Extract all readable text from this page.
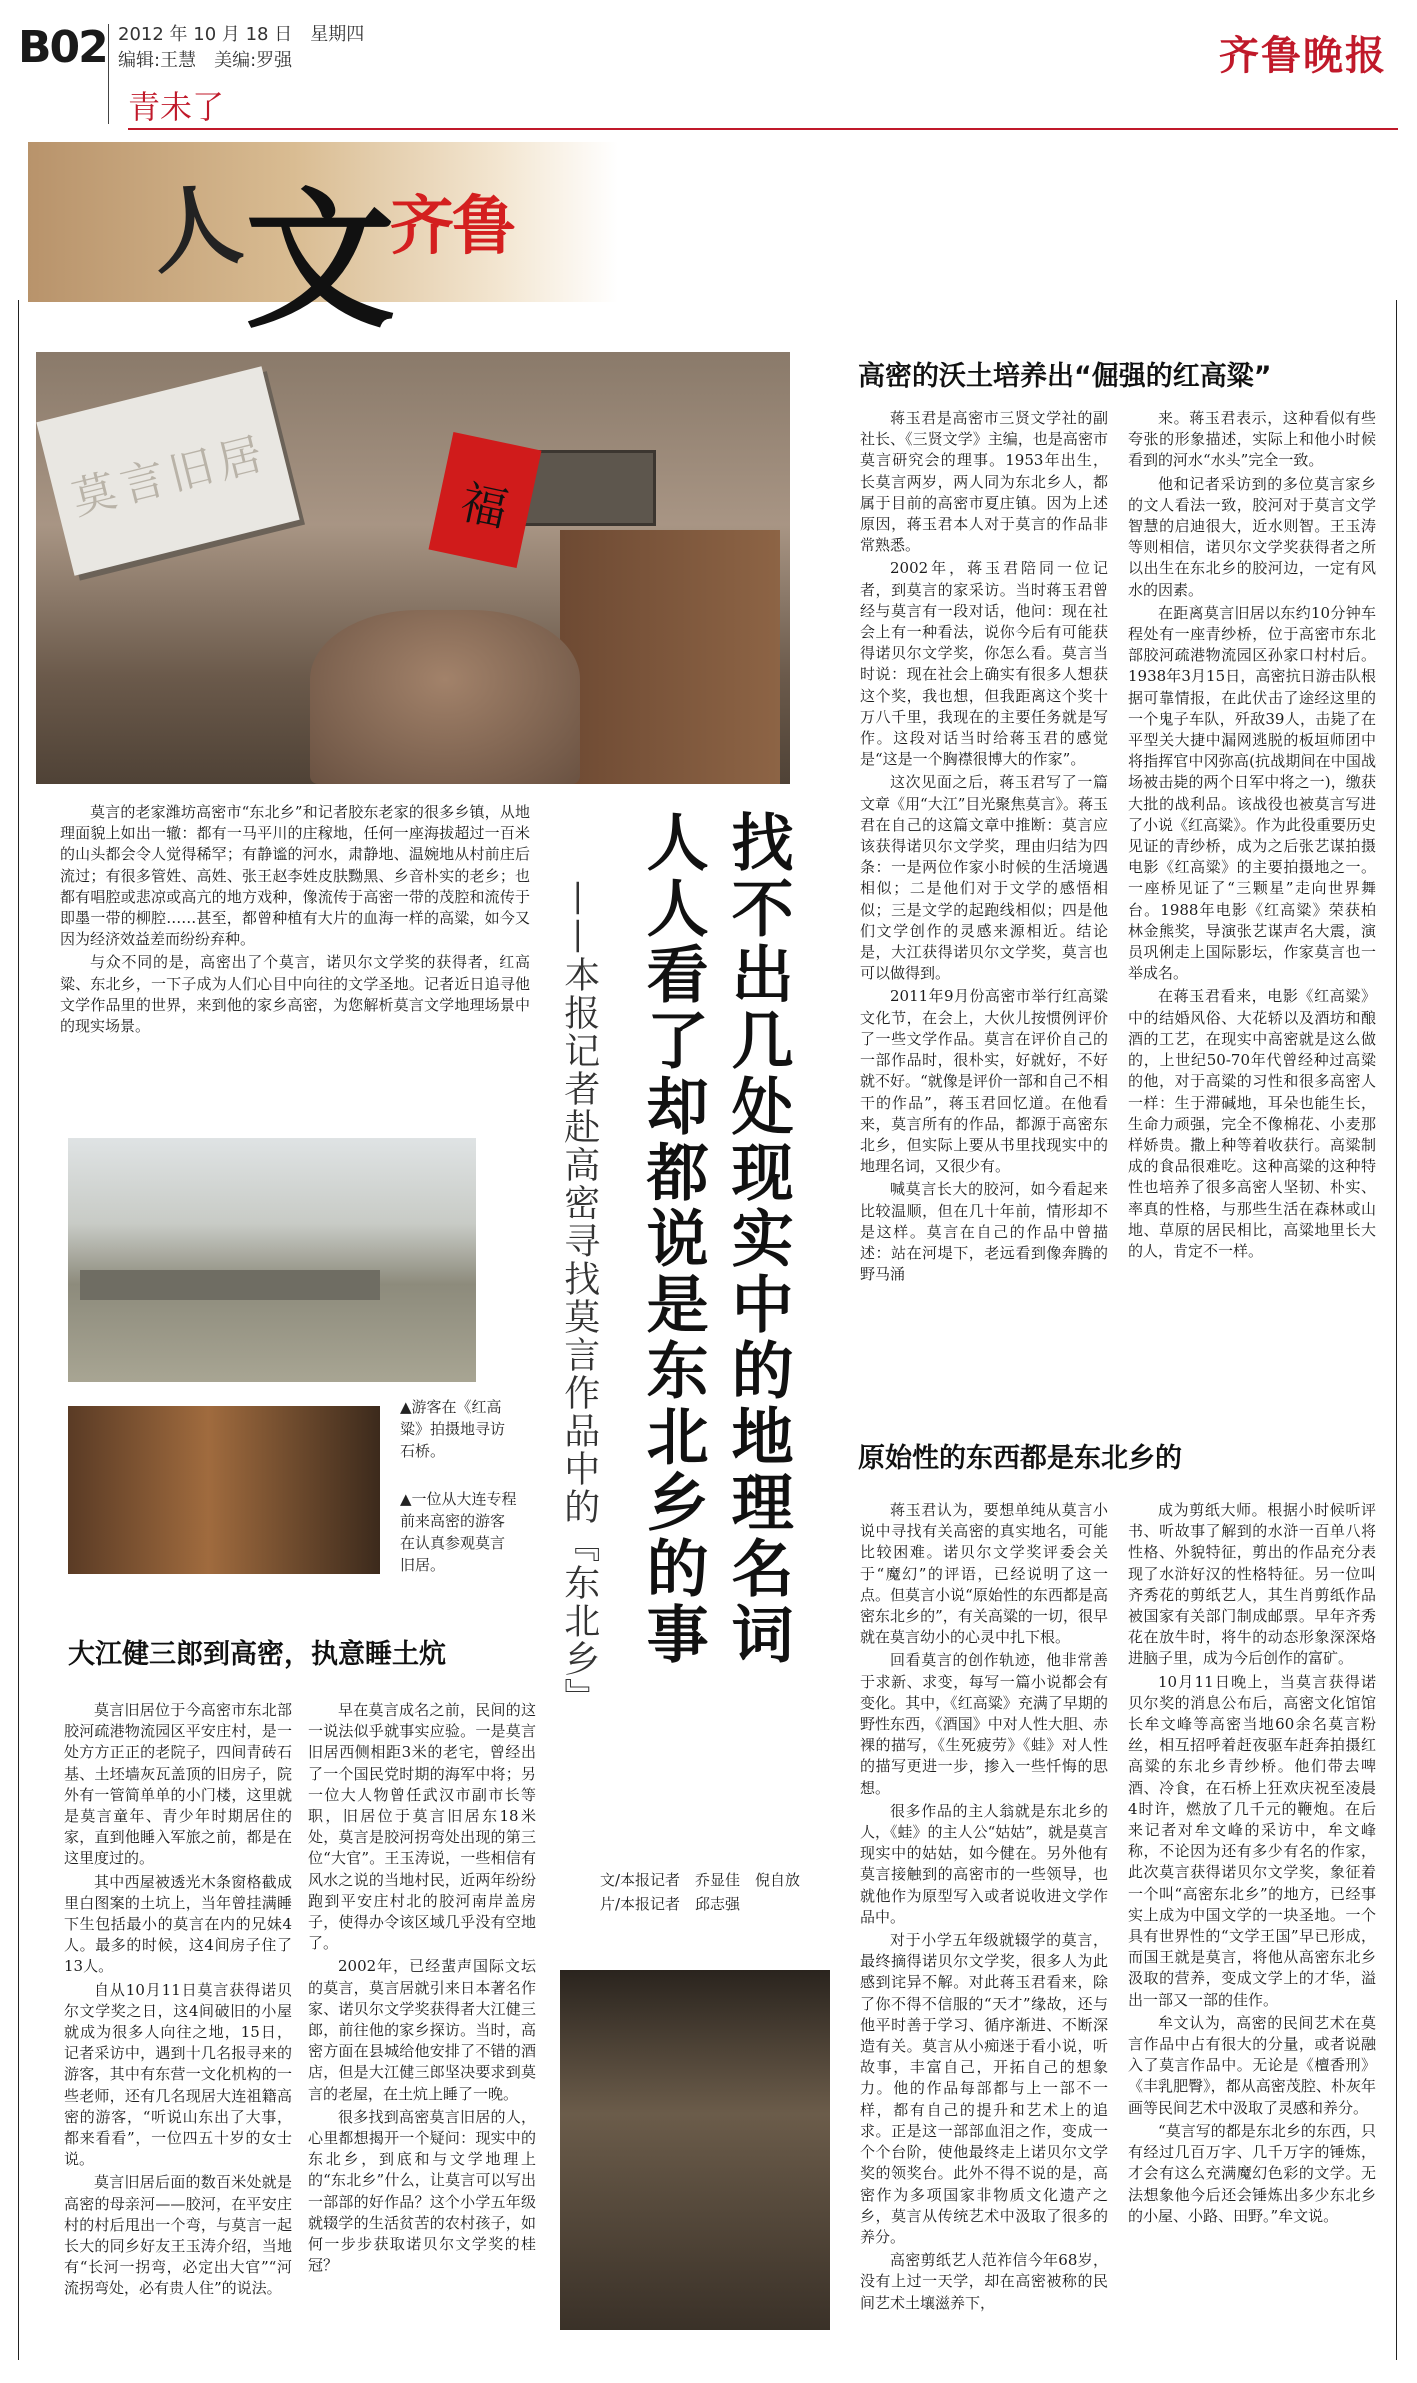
B02 2012 年 10 月 18 日　星期四
编辑:王慧　美编:罗强
青未了
齐鲁晚报
人
文
齐鲁
福
莫言旧居

莫言的老家潍坊高密市“东北乡”和记者胶东老家的很多乡镇，从地理面貌上如出一辙：都有一马平川的庄稼地，任何一座海拔超过一百米的山头都会令人觉得稀罕；有静谧的河水，肃静地、温婉地从村前庄后流过；有很多管姓、高姓、张王赵李姓皮肤黝黑、乡音朴实的老乡；也都有唱腔或悲凉或高亢的地方戏种，像流传于高密一带的茂腔和流传于即墨一带的柳腔……甚至，都曾种植有大片的血海一样的高粱，如今又因为经济效益差而纷纷弃种。

与众不同的是，高密出了个莫言，诺贝尔文学奖的获得者，红高粱、东北乡，一下子成为人们心目中向往的文学圣地。记者近日追寻他文学作品里的世界，来到他的家乡高密，为您解析莫言文学地理场景中的现实场景。	找不出几处现实中的地理名词
人人看了却都说是东北乡的事
——本报记者赴高密寻找莫言作品中的『东北乡』
▲游客在《红高粱》拍摄地寻访石桥。
▲一位从大连专程前来高密的游客在认真参观莫言旧居。
高密的沃土培养出“倔强的红高粱”

蒋玉君是高密市三贤文学社的副社长、《三贤文学》主编，也是高密市莫言研究会的理事。1953年出生，长莫言两岁，两人同为东北乡人，都属于目前的高密市夏庄镇。因为上述原因，蒋玉君本人对于莫言的作品非常熟悉。

2002年，蒋玉君陪同一位记者，到莫言的家采访。当时蒋玉君曾经与莫言有一段对话，他问：现在社会上有一种看法，说你今后有可能获得诺贝尔文学奖，你怎么看。莫言当时说：现在社会上确实有很多人想获这个奖，我也想，但我距离这个奖十万八千里，我现在的主要任务就是写作。这段对话当时给蒋玉君的感觉是“这是一个胸襟很博大的作家”。

这次见面之后，蒋玉君写了一篇文章《用“大江”目光聚焦莫言》。蒋玉君在自己的这篇文章中推断：莫言应该获得诺贝尔文学奖，理由归结为四条：一是两位作家小时候的生活境遇相似；二是他们对于文学的感悟相似；三是文学的起跑线相似；四是他们文学创作的灵感来源相近。结论是，大江获得诺贝尔文学奖，莫言也可以做得到。

2011年9月份高密市举行红高粱文化节，在会上，大伙儿按惯例评价了一些文学作品。莫言在评价自己的一部作品时，很朴实，好就好，不好就不好。“就像是评价一部和自己不相干的作品”，蒋玉君回忆道。在他看来，莫言所有的作品，都源于高密东北乡，但实际上要从书里找现实中的地理名词，又很少有。

喊莫言长大的胶河，如今看起来比较温顺，但在几十年前，情形却不是这样。莫言在自己的作品中曾描述：站在河堤下，老远看到像奔腾的野马涌

来。蒋玉君表示，这种看似有些夸张的形象描述，实际上和他小时候看到的河水“水头”完全一致。

他和记者采访到的多位莫言家乡的文人看法一致，胶河对于莫言文学智慧的启迪很大，近水则智。王玉涛等则相信，诺贝尔文学奖获得者之所以出生在东北乡的胶河边，一定有风水的因素。

在距离莫言旧居以东约10分钟车程处有一座青纱桥，位于高密市东北部胶河疏港物流园区孙家口村村后。1938年3月15日，高密抗日游击队根据可靠情报，在此伏击了途经这里的一个鬼子车队，歼敌39人，击毙了在平型关大捷中漏网逃脱的板垣师团中将指挥官中冈弥高(抗战期间在中国战场被击毙的两个日军中将之一)，缴获大批的战利品。该战役也被莫言写进了小说《红高粱》。作为此役重要历史见证的青纱桥，成为之后张艺谋拍摄电影《红高粱》的主要拍摄地之一。一座桥见证了“三颗星”走向世界舞台。1988年电影《红高粱》荣获柏林金熊奖，导演张艺谋声名大震，演员巩俐走上国际影坛，作家莫言也一举成名。

在蒋玉君看来，电影《红高粱》中的结婚风俗、大花轿以及酒坊和酿酒的工艺，在现实中高密就是这么做的，上世纪50-70年代曾经种过高粱的他，对于高粱的习性和很多高密人一样：生于滞碱地，耳朵也能生长，生命力顽强，完全不像棉花、小麦那样娇贵。撒上种等着收获行。高粱制成的食品很难吃。这种高粱的这种特性也培养了很多高密人坚韧、朴实、率真的性格，与那些生活在森林或山地、草原的居民相比，高粱地里长大的人，肯定不一样。

原始性的东西都是东北乡的

蒋玉君认为，要想单纯从莫言小说中寻找有关高密的真实地名，可能比较困难。诺贝尔文学奖评委会关于“魔幻”的评语，已经说明了这一点。但莫言小说“原始性的东西都是高密东北乡的”，有关高粱的一切，很早就在莫言幼小的心灵中扎下根。

回看莫言的创作轨迹，他非常善于求新、求变，每写一篇小说都会有变化。其中，《红高粱》充满了早期的野性东西，《酒国》中对人性大胆、赤裸的描写，《生死疲劳》《蛙》对人性的描写更进一步，掺入一些忏悔的思想。

很多作品的主人翁就是东北乡的人，《蛙》的主人公“姑姑”，就是莫言现实中的姑姑，如今健在。另外他有莫言接触到的高密市的一些领导，也就他作为原型写入或者说收进文学作品中。

对于小学五年级就辍学的莫言，最终摘得诺贝尔文学奖，很多人为此感到诧异不解。对此蒋玉君看来，除了你不得不信服的“天才”缘故，还与他平时善于学习、循序渐进、不断深造有关。莫言从小痴迷于看小说，听故事，丰富自己，开拓自己的想象力。他的作品每部都与上一部不一样，都有自己的提升和艺术上的追求。正是这一部部血泪之作，变成一个个台阶，使他最终走上诺贝尔文学奖的领奖台。此外不得不说的是，高密作为多项国家非物质文化遗产之乡，莫言从传统艺术中汲取了很多的养分。

高密剪纸艺人范祚信今年68岁，没有上过一天学，却在高密被称的民间艺术土壤滋养下，

成为剪纸大师。根据小时候听评书、听故事了解到的水浒一百单八将性格、外貌特征，剪出的作品充分表现了水浒好汉的性格特征。另一位叫齐秀花的剪纸艺人，其生肖剪纸作品被国家有关部门制成邮票。早年齐秀花在放牛时，将牛的动态形象深深烙进脑子里，成为今后创作的富矿。

10月11日晚上，当莫言获得诺贝尔奖的消息公布后，高密文化馆馆长牟文峰等高密当地60余名莫言粉丝，相互招呼着赶夜驱车赶奔拍摄红高粱的东北乡青纱桥。他们带去啤酒、冷食，在石桥上狂欢庆祝至凌晨4时许，燃放了几千元的鞭炮。在后来记者对牟文峰的采访中，牟文峰称，不论因为还有多少有名的作家，此次莫言获得诺贝尔文学奖，象征着一个叫“高密东北乡”的地方，已经事实上成为中国文学的一块圣地。一个具有世界性的“文学王国”早已形成，而国王就是莫言，将他从高密东北乡汲取的营养，变成文学上的才华，溢出一部又一部的佳作。

牟文认为，高密的民间艺术在莫言作品中占有很大的分量，或者说融入了莫言作品中。无论是《檀香刑》《丰乳肥臀》，都从高密茂腔、朴灰年画等民间艺术中汲取了灵感和养分。

“莫言写的都是东北乡的东西，只有经过几百万字、几千万字的锤炼，才会有这么充满魔幻色彩的文学。无法想象他今后还会锤炼出多少东北乡的小屋、小路、田野。”牟文说。

文/本报记者　乔显佳　倪自放
片/本报记者　邱志强
大江健三郎到高密，执意睡土炕

莫言旧居位于今高密市东北部胶河疏港物流园区平安庄村，是一处方方正正的老院子，四间青砖石基、土坯墙灰瓦盖顶的旧房子，院外有一管简单单的小门楼，这里就是莫言童年、青少年时期居住的家，直到他睡入军旅之前，都是在这里度过的。

其中西屋被透光木条窗格截成里白图案的土坑上，当年曾挂满睡下生包括最小的莫言在内的兄妹4人。最多的时候，这4间房子住了13人。

自从10月11日莫言获得诺贝尔文学奖之日，这4间破旧的小屋就成为很多人向往之地，15日，记者采访中，遇到十几名报寻来的游客，其中有东营一文化机构的一些老师，还有几名现居大连祖籍高密的游客，“听说山东出了大事，都来看看”，一位四五十岁的女士说。

莫言旧居后面的数百米处就是高密的母亲河——胶河，在平安庄村的村后甩出一个弯，与莫言一起长大的同乡好友王玉涛介绍，当地有“长河一拐弯，必定出大官”“河流拐弯处，必有贵人住”的说法。

早在莫言成名之前，民间的这一说法似乎就事实应验。一是莫言旧居西侧相距3米的老宅，曾经出了一个国民党时期的海军中将；另一位大人物曾任武汉市副市长等职，旧居位于莫言旧居东18米处，莫言是胶河拐弯处出现的第三位“大官”。王玉涛说，一些相信有风水之说的当地村民，近两年纷纷跑到平安庄村北的胶河南岸盖房子，使得办令该区域几乎没有空地了。

2002年，已经蜚声国际文坛的莫言，莫言居就引来日本著名作家、诺贝尔文学奖获得者大江健三郎，前往他的家乡探访。当时，高密方面在县城给他安排了不错的酒店，但是大江健三郎坚决要求到莫言的老屋，在土炕上睡了一晚。

很多找到高密莫言旧居的人，心里都想揭开一个疑问：现实中的东北乡，到底和与文学地理上的“东北乡”什么，让莫言可以写出一部部的好作品？这个小学五年级就辍学的生活贫苦的农村孩子，如何一步步获取诺贝尔文学奖的桂冠？
